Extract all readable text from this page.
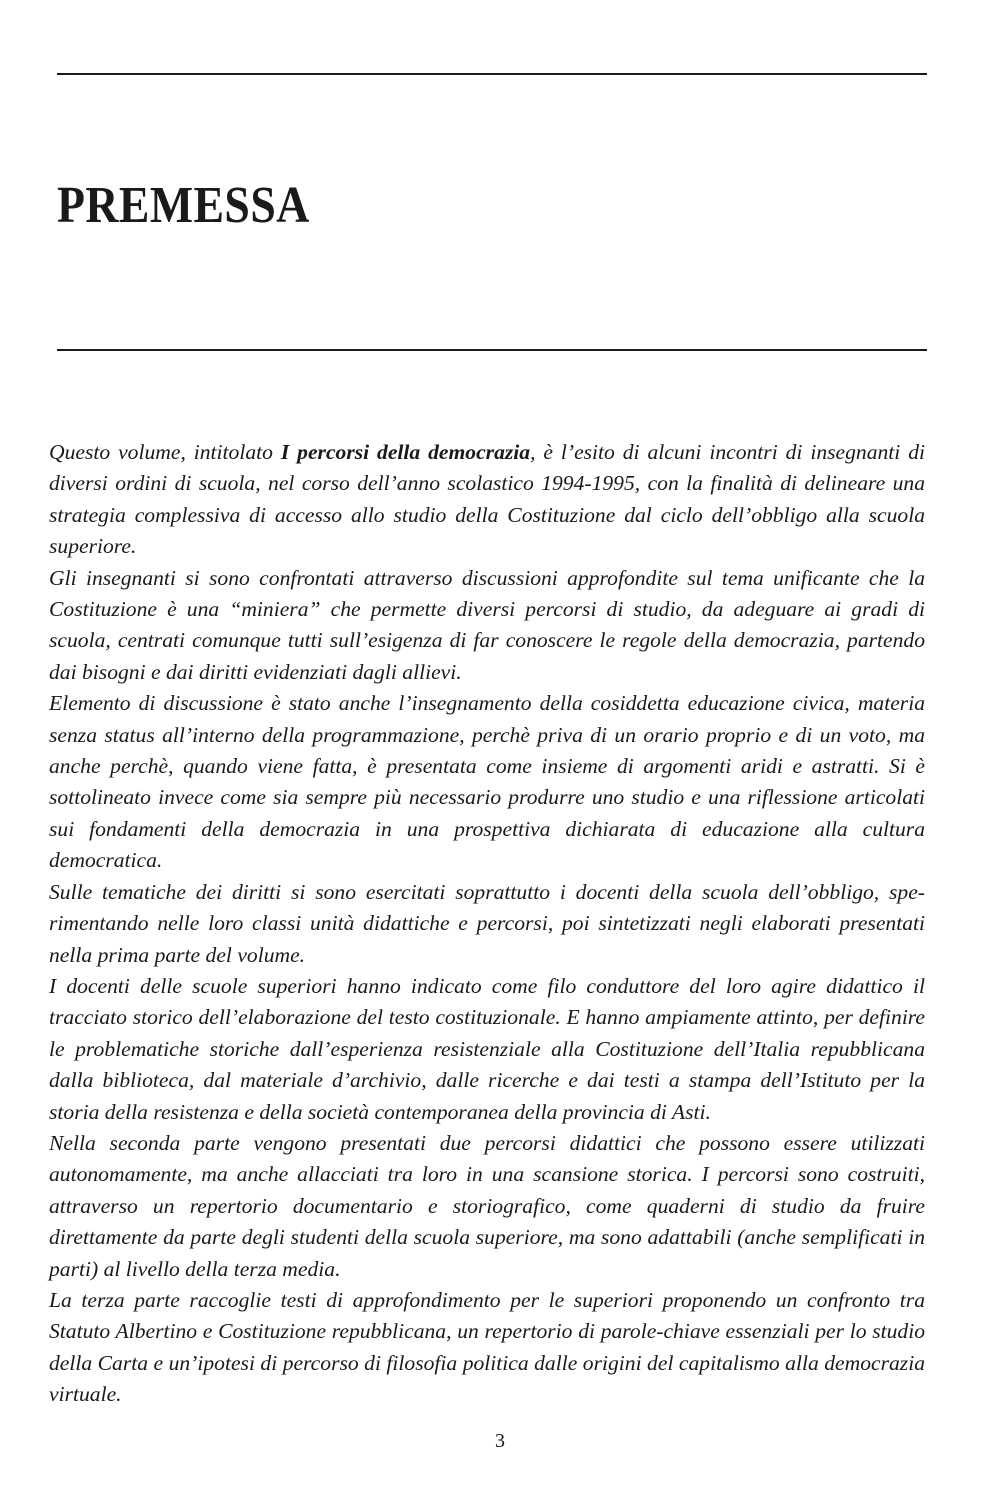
PREMESSA

Questo volume, intitolato I percorsi della democrazia, è l’esito di alcuni incontri di insegnanti di diversi ordini di scuola, nel corso dell’anno scolastico 1994-1995, con la finalità di delineare una strategia complessiva di accesso allo studio della Costituzione dal ciclo dell’obbligo alla scuola superiore.

Gli insegnanti si sono confrontati attraverso discussioni approfondite sul tema unificante che la Costituzione è una “miniera” che permette diversi percorsi di studio, da adeguare ai gradi di scuola, centrati comunque tutti sull’esigenza di far conoscere le regole della democrazia, partendo dai bisogni e dai diritti evidenziati dagli allievi.

Elemento di discussione è stato anche l’insegnamento della cosiddetta educazione civica, materia senza status all’interno della programmazione, perchè priva di un orario proprio e di un voto, ma anche perchè, quando viene fatta, è presentata come insieme di argomenti aridi e astratti. Si è sottolineato invece come sia sempre più necessario produrre uno studio e una riflessione articolati sui fondamenti della democrazia in una prospettiva dichiarata di educazione alla cultura democratica.

Sulle tematiche dei diritti si sono esercitati soprattutto i docenti della scuola dell’obbligo, sperimentando nelle loro classi unità didattiche e percorsi, poi sintetizzati negli elaborati presentati nella prima parte del volume.

I docenti delle scuole superiori hanno indicato come filo conduttore del loro agire didattico il tracciato storico dell’elaborazione del testo costituzionale. E hanno ampiamente attinto, per definire le problematiche storiche dall’esperienza resistenziale alla Costituzione dell’Italia repubblicana dalla biblioteca, dal materiale d’archivio, dalle ricerche e dai testi a stampa dell’Istituto per la storia della resistenza e della società contemporanea della provincia di Asti.

Nella seconda parte vengono presentati due percorsi didattici che possono essere utilizzati autonomamente, ma anche allacciati tra loro in una scansione storica. I percorsi sono costruiti, attraverso un repertorio documentario e storiografico, come quaderni di studio da fruire direttamente da parte degli studenti della scuola superiore, ma sono adattabili (anche semplificati in parti) al livello della terza media.

La terza parte raccoglie testi di approfondimento per le superiori proponendo un confronto tra Statuto Albertino e Costituzione repubblicana, un repertorio di parole-chiave essenziali per lo studio della Carta e un’ipotesi di percorso di filosofia politica dalle origini del capitalismo alla democrazia virtuale.

3
